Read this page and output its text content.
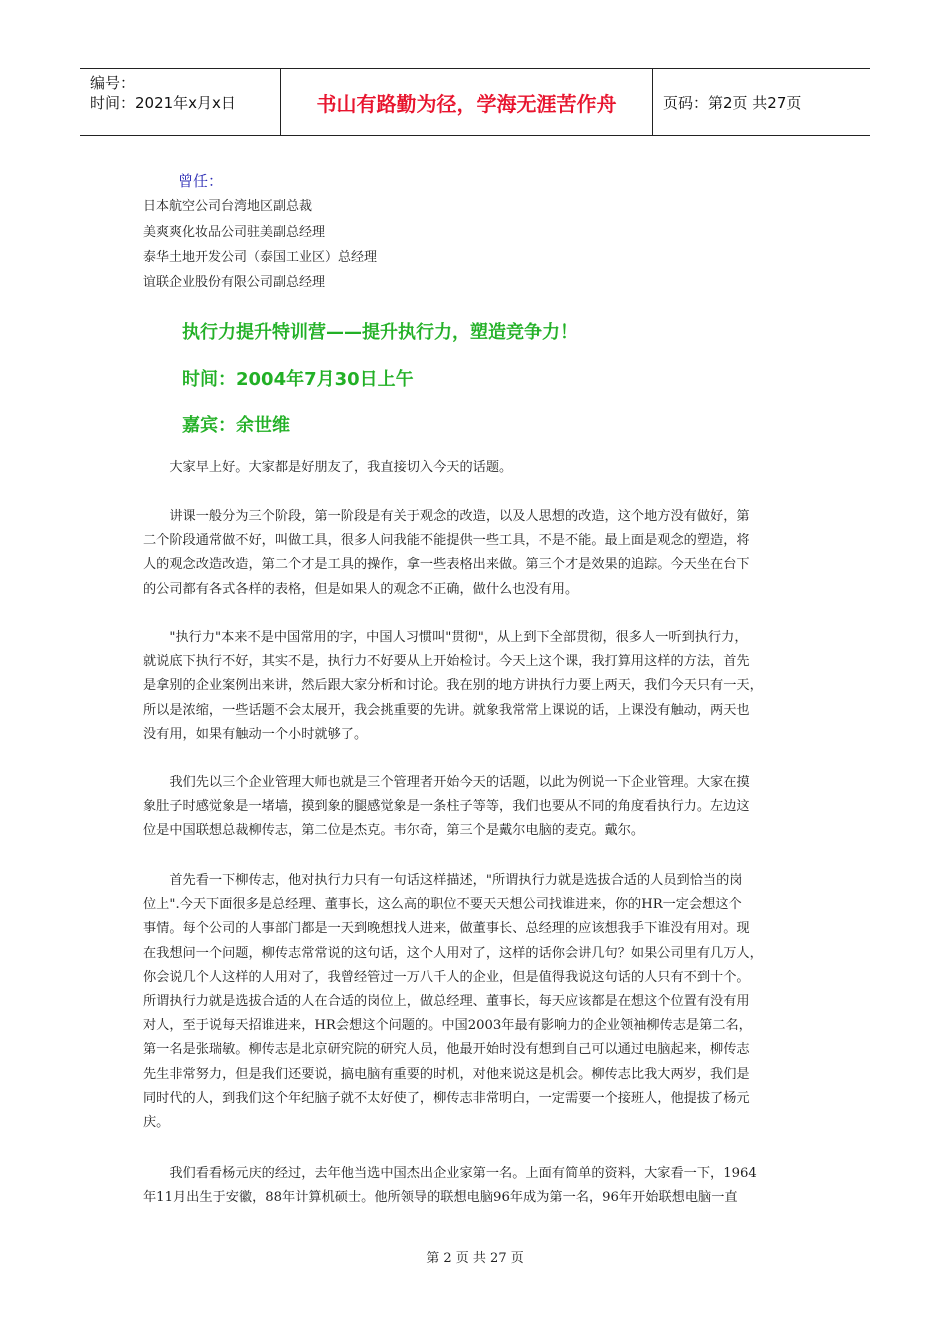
编号：
时间：2021年x月x日	书山有路勤为径，学海无涯苦作舟	页码：第2页 共27页
曾任：
日本航空公司台湾地区副总裁
美爽爽化妆品公司驻美副总经理
泰华土地开发公司（泰国工业区）总经理
谊联企业股份有限公司副总经理
执行力提升特训营——提升执行力，塑造竞争力！
时间：2004年7月30日上午
嘉宾：余世维
　　大家早上好。大家都是好朋友了，我直接切入今天的话题。
　　讲课一般分为三个阶段，第一阶段是有关于观念的改造，以及人思想的改造，这个地方没有做好，第
二个阶段通常做不好，叫做工具，很多人问我能不能提供一些工具，不是不能。最上面是观念的塑造，将
人的观念改造改造，第二个才是工具的操作，拿一些表格出来做。第三个才是效果的追踪。今天坐在台下
的公司都有各式各样的表格，但是如果人的观念不正确，做什么也没有用。
　　"执行力"本来不是中国常用的字，中国人习惯叫"贯彻"，从上到下全部贯彻，很多人一听到执行力，
就说底下执行不好，其实不是，执行力不好要从上开始检讨。今天上这个课，我打算用这样的方法，首先
是拿别的企业案例出来讲，然后跟大家分析和讨论。我在别的地方讲执行力要上两天，我们今天只有一天，
所以是浓缩，一些话题不会太展开，我会挑重要的先讲。就象我常常上课说的话，上课没有触动，两天也
没有用，如果有触动一个小时就够了。
　　我们先以三个企业管理大师也就是三个管理者开始今天的话题，以此为例说一下企业管理。大家在摸
象肚子时感觉象是一堵墙，摸到象的腿感觉象是一条柱子等等，我们也要从不同的角度看执行力。左边这
位是中国联想总裁柳传志，第二位是杰克。韦尔奇，第三个是戴尔电脑的麦克。戴尔。
　　首先看一下柳传志，他对执行力只有一句话这样描述，"所谓执行力就是选拔合适的人员到恰当的岗
位上".今天下面很多是总经理、董事长，这么高的职位不要天天想公司找谁进来，你的HR一定会想这个
事情。每个公司的人事部门都是一天到晚想找人进来，做董事长、总经理的应该想我手下谁没有用对。现
在我想问一个问题，柳传志常常说的这句话，这个人用对了，这样的话你会讲几句？如果公司里有几万人，
你会说几个人这样的人用对了，我曾经管过一万八千人的企业，但是值得我说这句话的人只有不到十个。
所谓执行力就是选拔合适的人在合适的岗位上，做总经理、董事长，每天应该都是在想这个位置有没有用
对人，至于说每天招谁进来，HR会想这个问题的。中国2003年最有影响力的企业领袖柳传志是第二名，
第一名是张瑞敏。柳传志是北京研究院的研究人员，他最开始时没有想到自己可以通过电脑起来，柳传志
先生非常努力，但是我们还要说，搞电脑有重要的时机，对他来说这是机会。柳传志比我大两岁，我们是
同时代的人，到我们这个年纪脑子就不太好使了，柳传志非常明白，一定需要一个接班人，他提拔了杨元
庆。
　　我们看看杨元庆的经过，去年他当选中国杰出企业家第一名。上面有简单的资料，大家看一下，1964
年11月出生于安徽，88年计算机硕士。他所领导的联想电脑96年成为第一名，96年开始联想电脑一直
第 2 页 共 27 页
